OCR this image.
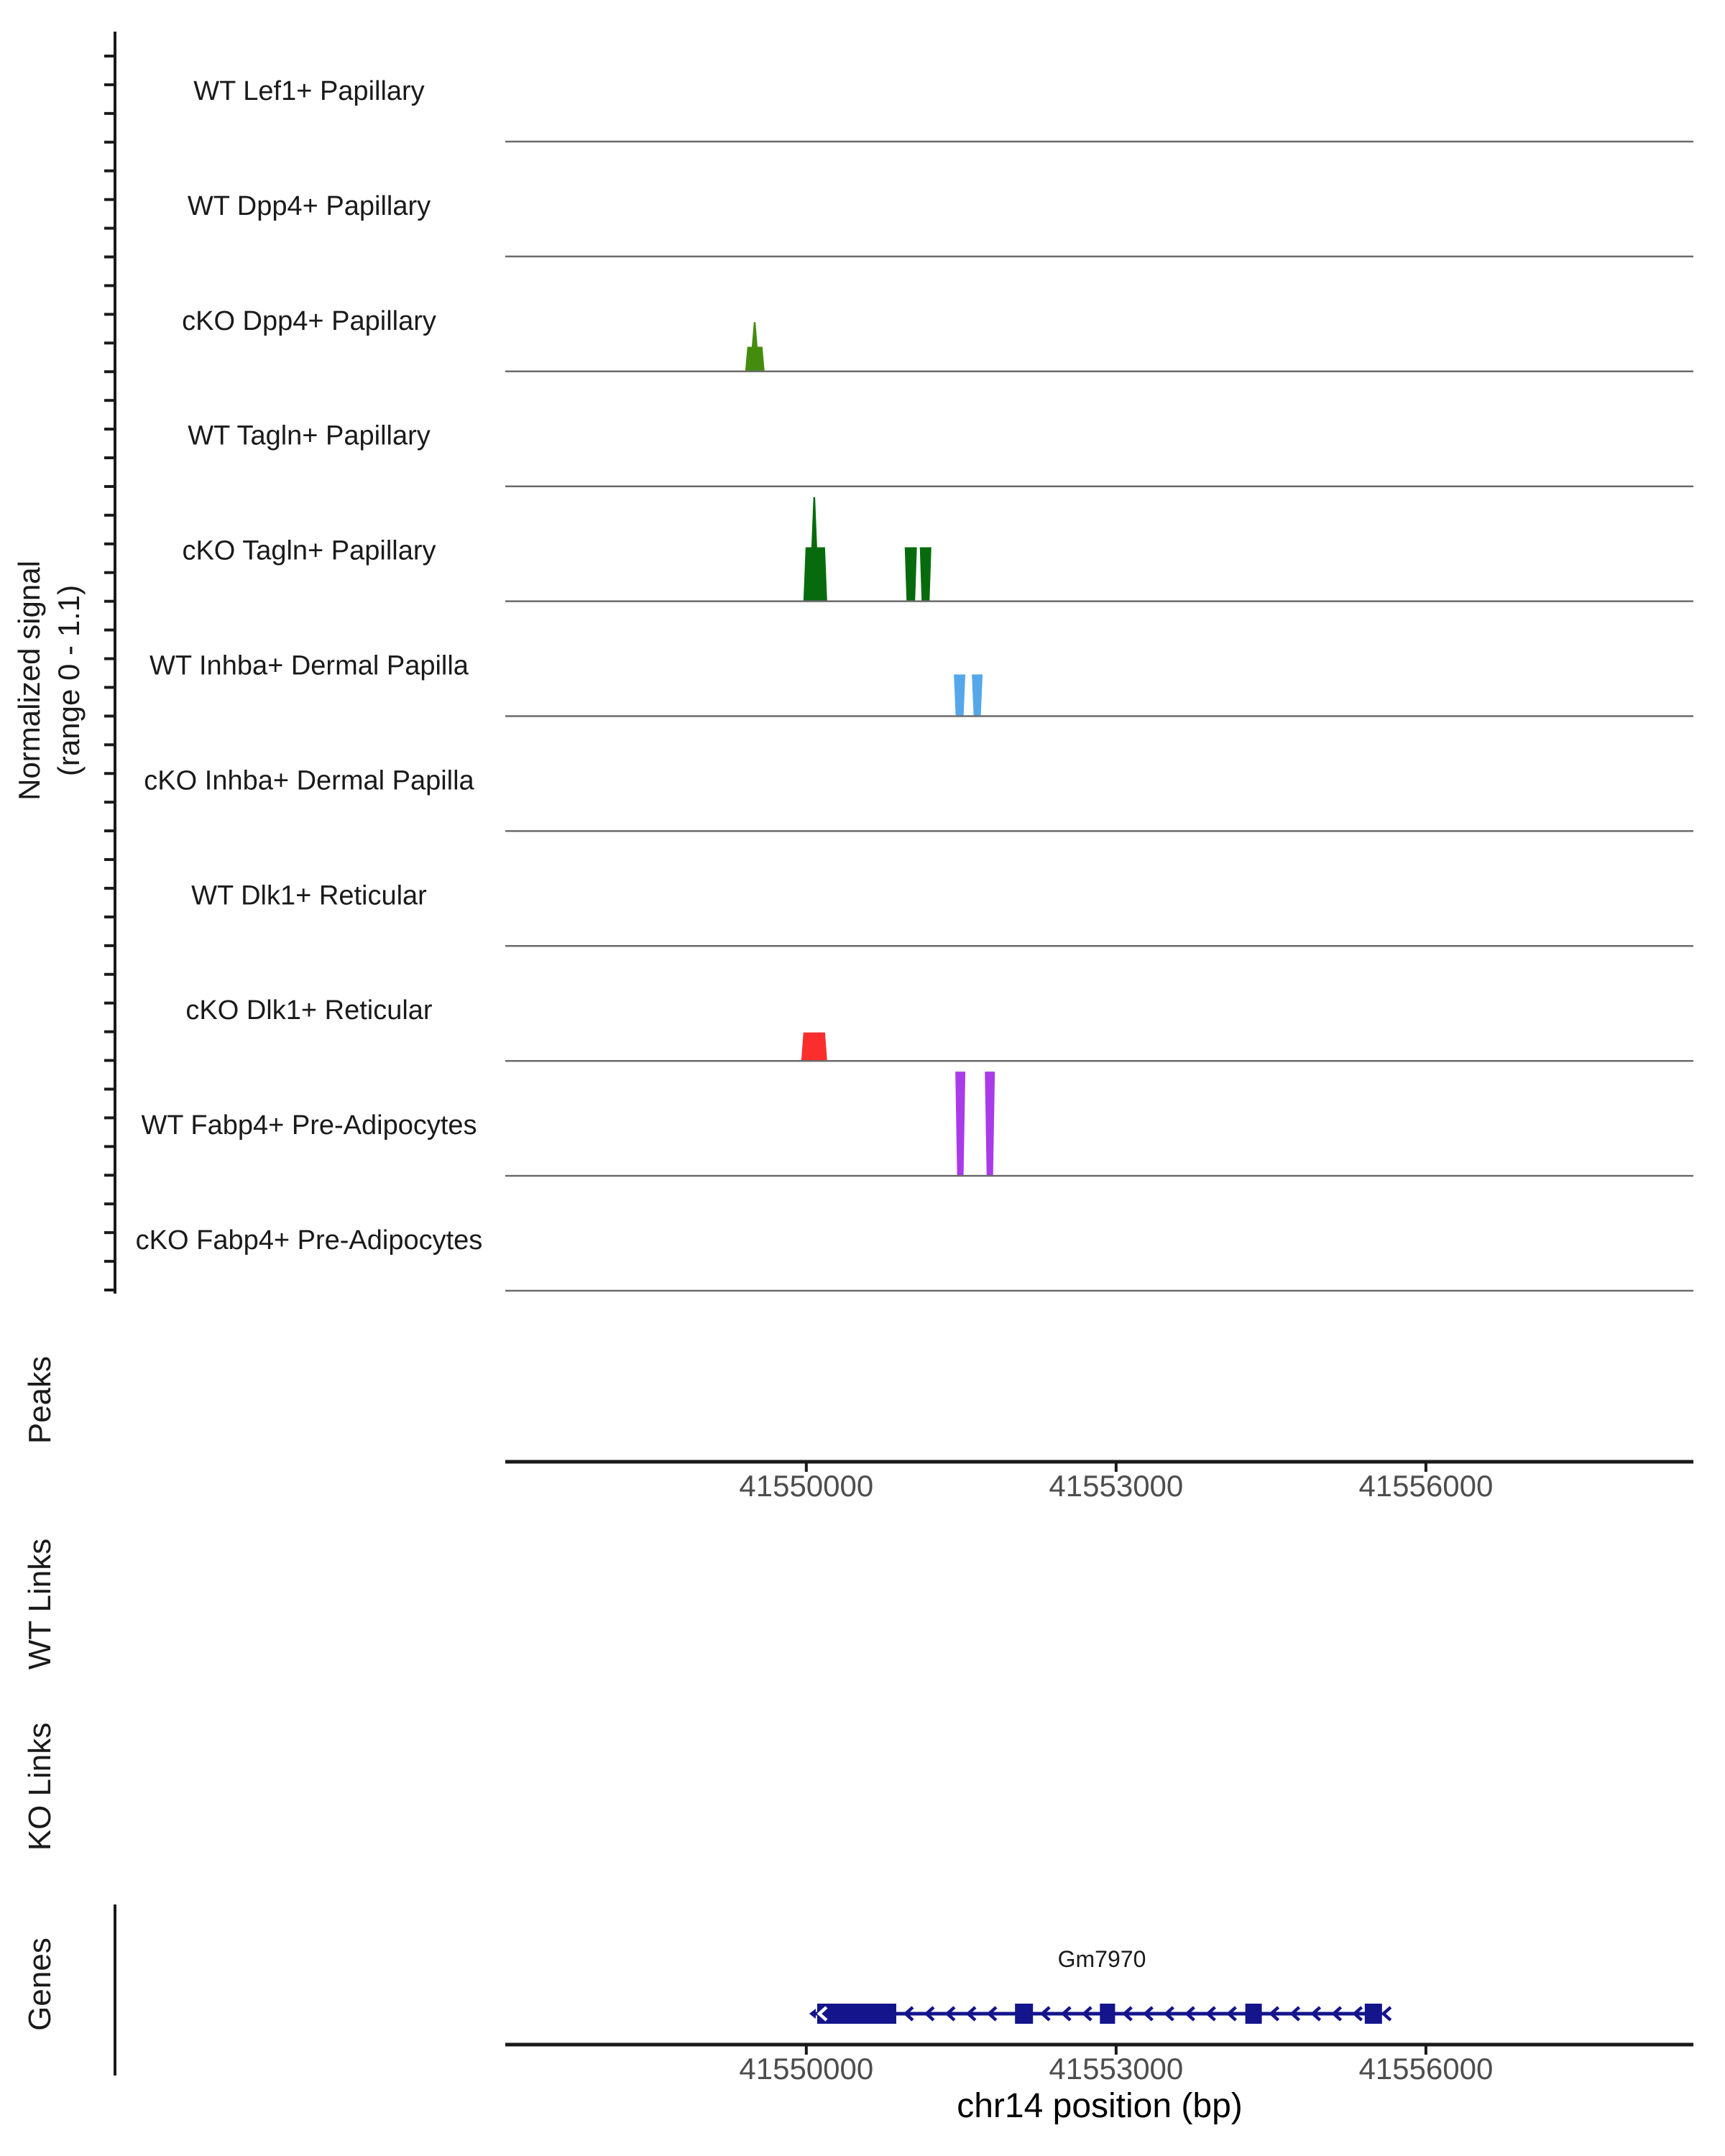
Normalized signal (range 0 - 1.1)
Peaks
WT Links
KO Links
Genes
WT Lef1+ Papillary
WT Dpp4+ Papillary
cKO Dpp4+ Papillary
WT Tagln+ Papillary
cKO Tagln+ Papillary
WT Inhba+ Dermal Papilla
cKO Inhba+ Dermal Papilla
WT Dlk1+ Reticular
cKO Dlk1+ Reticular
WT Fabp4+ Pre-Adipocytes
cKO Fabp4+ Pre-Adipocytes
41550000	41553000	41556000
Gm7970
41550000	41553000	41556000
chr14 position (bp)
